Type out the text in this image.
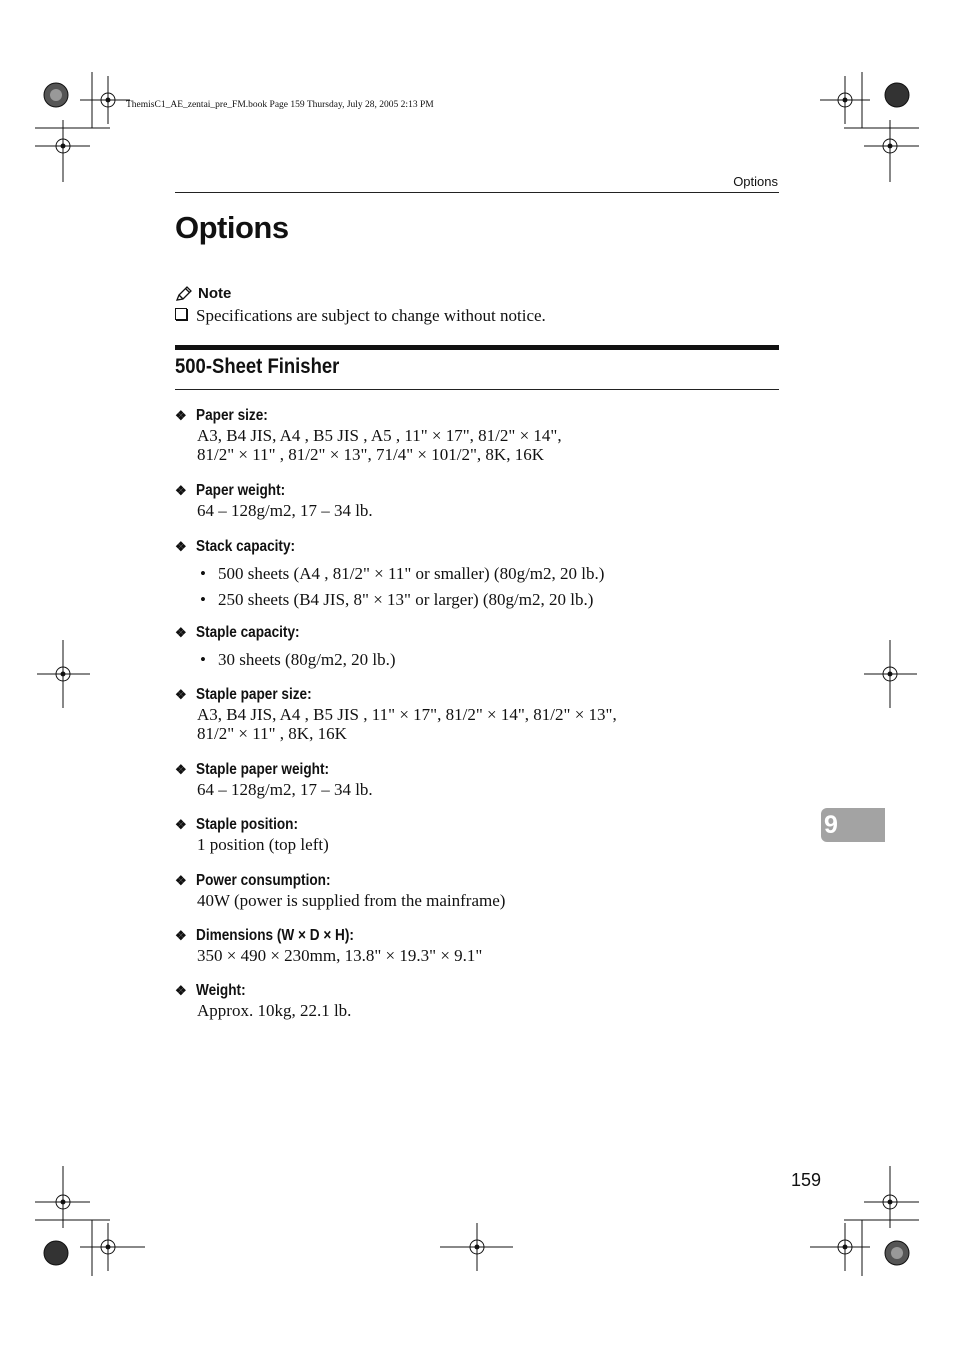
ThemisC1_AE_zentai_pre_FM.book Page 159 Thursday, July 28, 2005 2:13 PM
Options
Options
Note
Specifications are subject to change without notice.
500-Sheet Finisher
❖ Paper size:
A3, B4 JIS, A4 , B5 JIS , A5 , 11" × 17", 81/2" × 14",
81/2" × 11" , 81/2" × 13", 71/4" × 101/2", 8K, 16K
❖ Paper weight:
64 – 128g/m2, 17 – 34 lb.
❖ Stack capacity:
• 500 sheets (A4 , 81/2" × 11" or smaller) (80g/m2, 20 lb.)
• 250 sheets (B4 JIS, 8" × 13" or larger) (80g/m2, 20 lb.)
❖ Staple capacity:
• 30 sheets (80g/m2, 20 lb.)
❖ Staple paper size:
A3, B4 JIS, A4 , B5 JIS , 11" × 17", 81/2" × 14", 81/2" × 13",
81/2" × 11" , 8K, 16K
❖ Staple paper weight:
64 – 128g/m2, 17 – 34 lb.
❖ Staple position:
1 position (top left)
❖ Power consumption:
40W (power is supplied from the mainframe)
❖ Dimensions (W × D × H):
350 × 490 × 230mm, 13.8" × 19.3" × 9.1"
❖ Weight:
Approx. 10kg, 22.1 lb.
9
159
